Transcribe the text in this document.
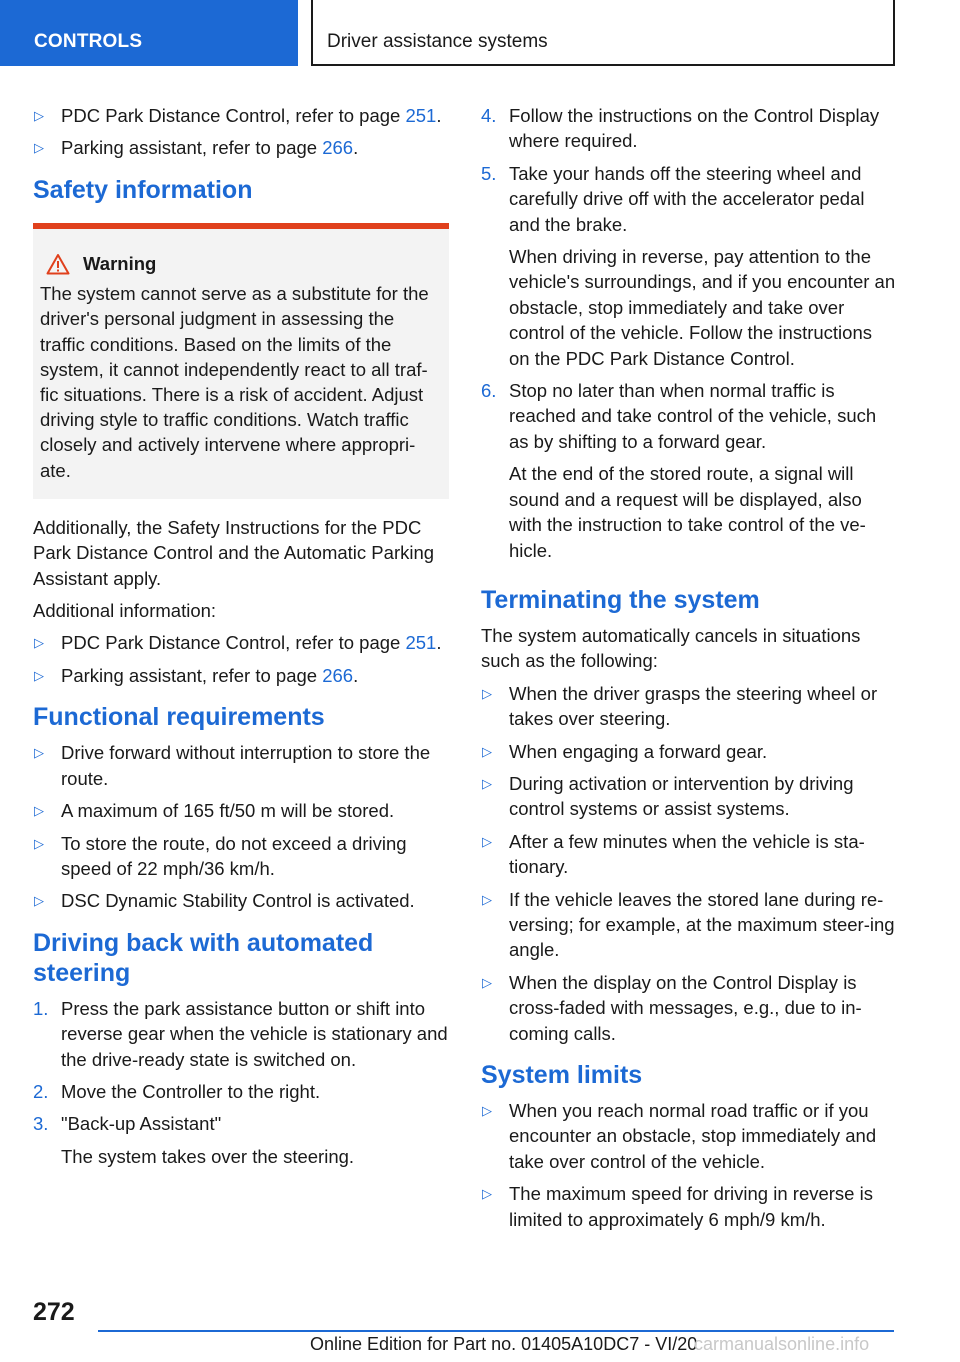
CONTROLS	Driver assistance systems
▷ PDC Park Distance Control, refer to page 251.
▷ Parking assistant, refer to page 266.
Safety information
Warning
The system cannot serve as a substitute for the driver's personal judgment in assessing the traffic conditions. Based on the limits of the system, it cannot independently react to all traf‐fic situations. There is a risk of accident. Adjust driving style to traffic conditions. Watch traffic closely and actively intervene where appropri‐ate.

Additionally, the Safety Instructions for the PDC Park Distance Control and the Automatic Parking Assistant apply.

Additional information:

▷ PDC Park Distance Control, refer to page 251.
▷ Parking assistant, refer to page 266.
Functional requirements
▷ Drive forward without interruption to store the route.
▷ A maximum of 165 ft/50 m will be stored.
▷ To store the route, do not exceed a driving speed of 22 mph/36 km/h.
▷ DSC Dynamic Stability Control is activated.
Driving back with automated steering
1. Press the park assistance button or shift into reverse gear when the vehicle is stationary and the drive-ready state is switched on.
2. Move the Controller to the right.
3. "Back-up Assistant"
The system takes over the steering.
4. Follow the instructions on the Control Display where required.
5. Take your hands off the steering wheel and carefully drive off with the accelerator pedal and the brake.
When driving in reverse, pay attention to the vehicle's surroundings, and if you encounter an obstacle, stop immediately and take over control of the vehicle. Follow the instructions on the PDC Park Distance Control.
6. Stop no later than when normal traffic is reached and take control of the vehicle, such as by shifting to a forward gear.
At the end of the stored route, a signal will sound and a request will be displayed, also with the instruction to take control of the ve‐hicle.
Terminating the system

The system automatically cancels in situations such as the following:

▷ When the driver grasps the steering wheel or takes over steering.
▷ When engaging a forward gear.
▷ During activation or intervention by driving control systems or assist systems.
▷ After a few minutes when the vehicle is sta‐tionary.
▷ If the vehicle leaves the stored lane during re‐versing; for example, at the maximum steer‐ing angle.
▷ When the display on the Control Display is cross-faded with messages, e.g., due to in‐coming calls.
System limits
▷ When you reach normal road traffic or if you encounter an obstacle, stop immediately and take over control of the vehicle.
▷ The maximum speed for driving in reverse is limited to approximately 6 mph/9 km/h.
272
Online Edition for Part no. 01405A10DC7 - VI/20
carmanualsonline.info
